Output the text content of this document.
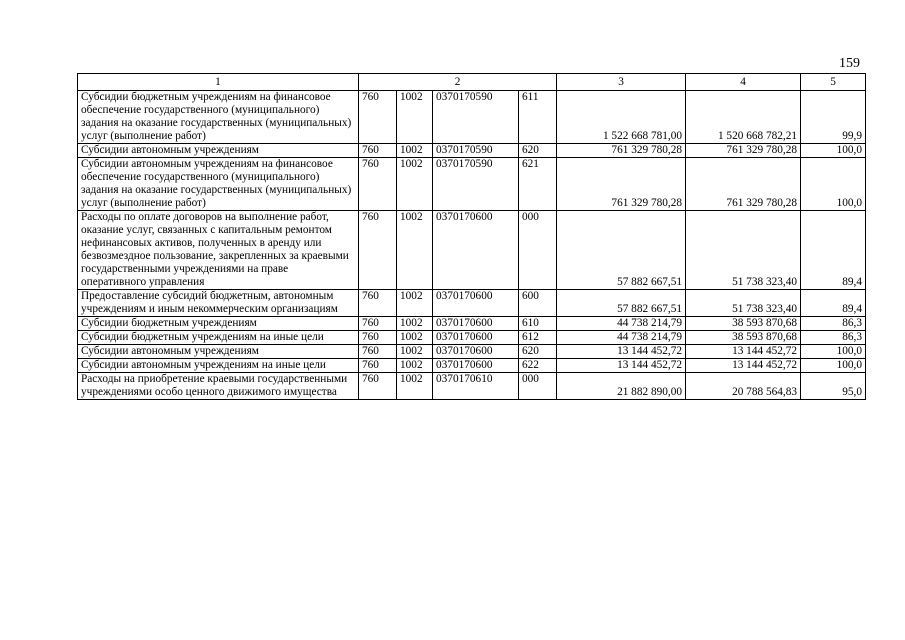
159
1	2				3	4	5
Субсидии бюджетным учреждениям на финансовое обеспечение государственного (муниципального) задания на оказание государственных (муниципальных) услуг (выполнение работ)	760	1002	0370170590	611	1 522 668 781,00	1 520 668 782,21	99,9
Субсидии автономным учреждениям	760	1002	0370170590	620	761 329 780,28	761 329 780,28	100,0
Субсидии автономным учреждениям на финансовое обеспечение государственного (муниципального) задания на оказание государственных (муниципальных) услуг (выполнение работ)	760	1002	0370170590	621	761 329 780,28	761 329 780,28	100,0
Расходы по оплате договоров на выполнение работ, оказание услуг, связанных с капитальным ремонтом нефинансовых активов, полученных в аренду или безвозмездное пользование, закрепленных за краевыми государственными учреждениями на праве оперативного управления	760	1002	0370170600	000	57 882 667,51	51 738 323,40	89,4
Предоставление субсидий бюджетным, автономным учреждениям и иным некоммерческим организациям	760	1002	0370170600	600	57 882 667,51	51 738 323,40	89,4
Субсидии бюджетным учреждениям	760	1002	0370170600	610	44 738 214,79	38 593 870,68	86,3
Субсидии бюджетным учреждениям на иные цели	760	1002	0370170600	612	44 738 214,79	38 593 870,68	86,3
Субсидии автономным учреждениям	760	1002	0370170600	620	13 144 452,72	13 144 452,72	100,0
Субсидии автономным учреждениям на иные цели	760	1002	0370170600	622	13 144 452,72	13 144 452,72	100,0
Расходы на приобретение краевыми государственными учреждениями особо ценного движимого имущества	760	1002	0370170610	000	21 882 890,00	20 788 564,83	95,0
